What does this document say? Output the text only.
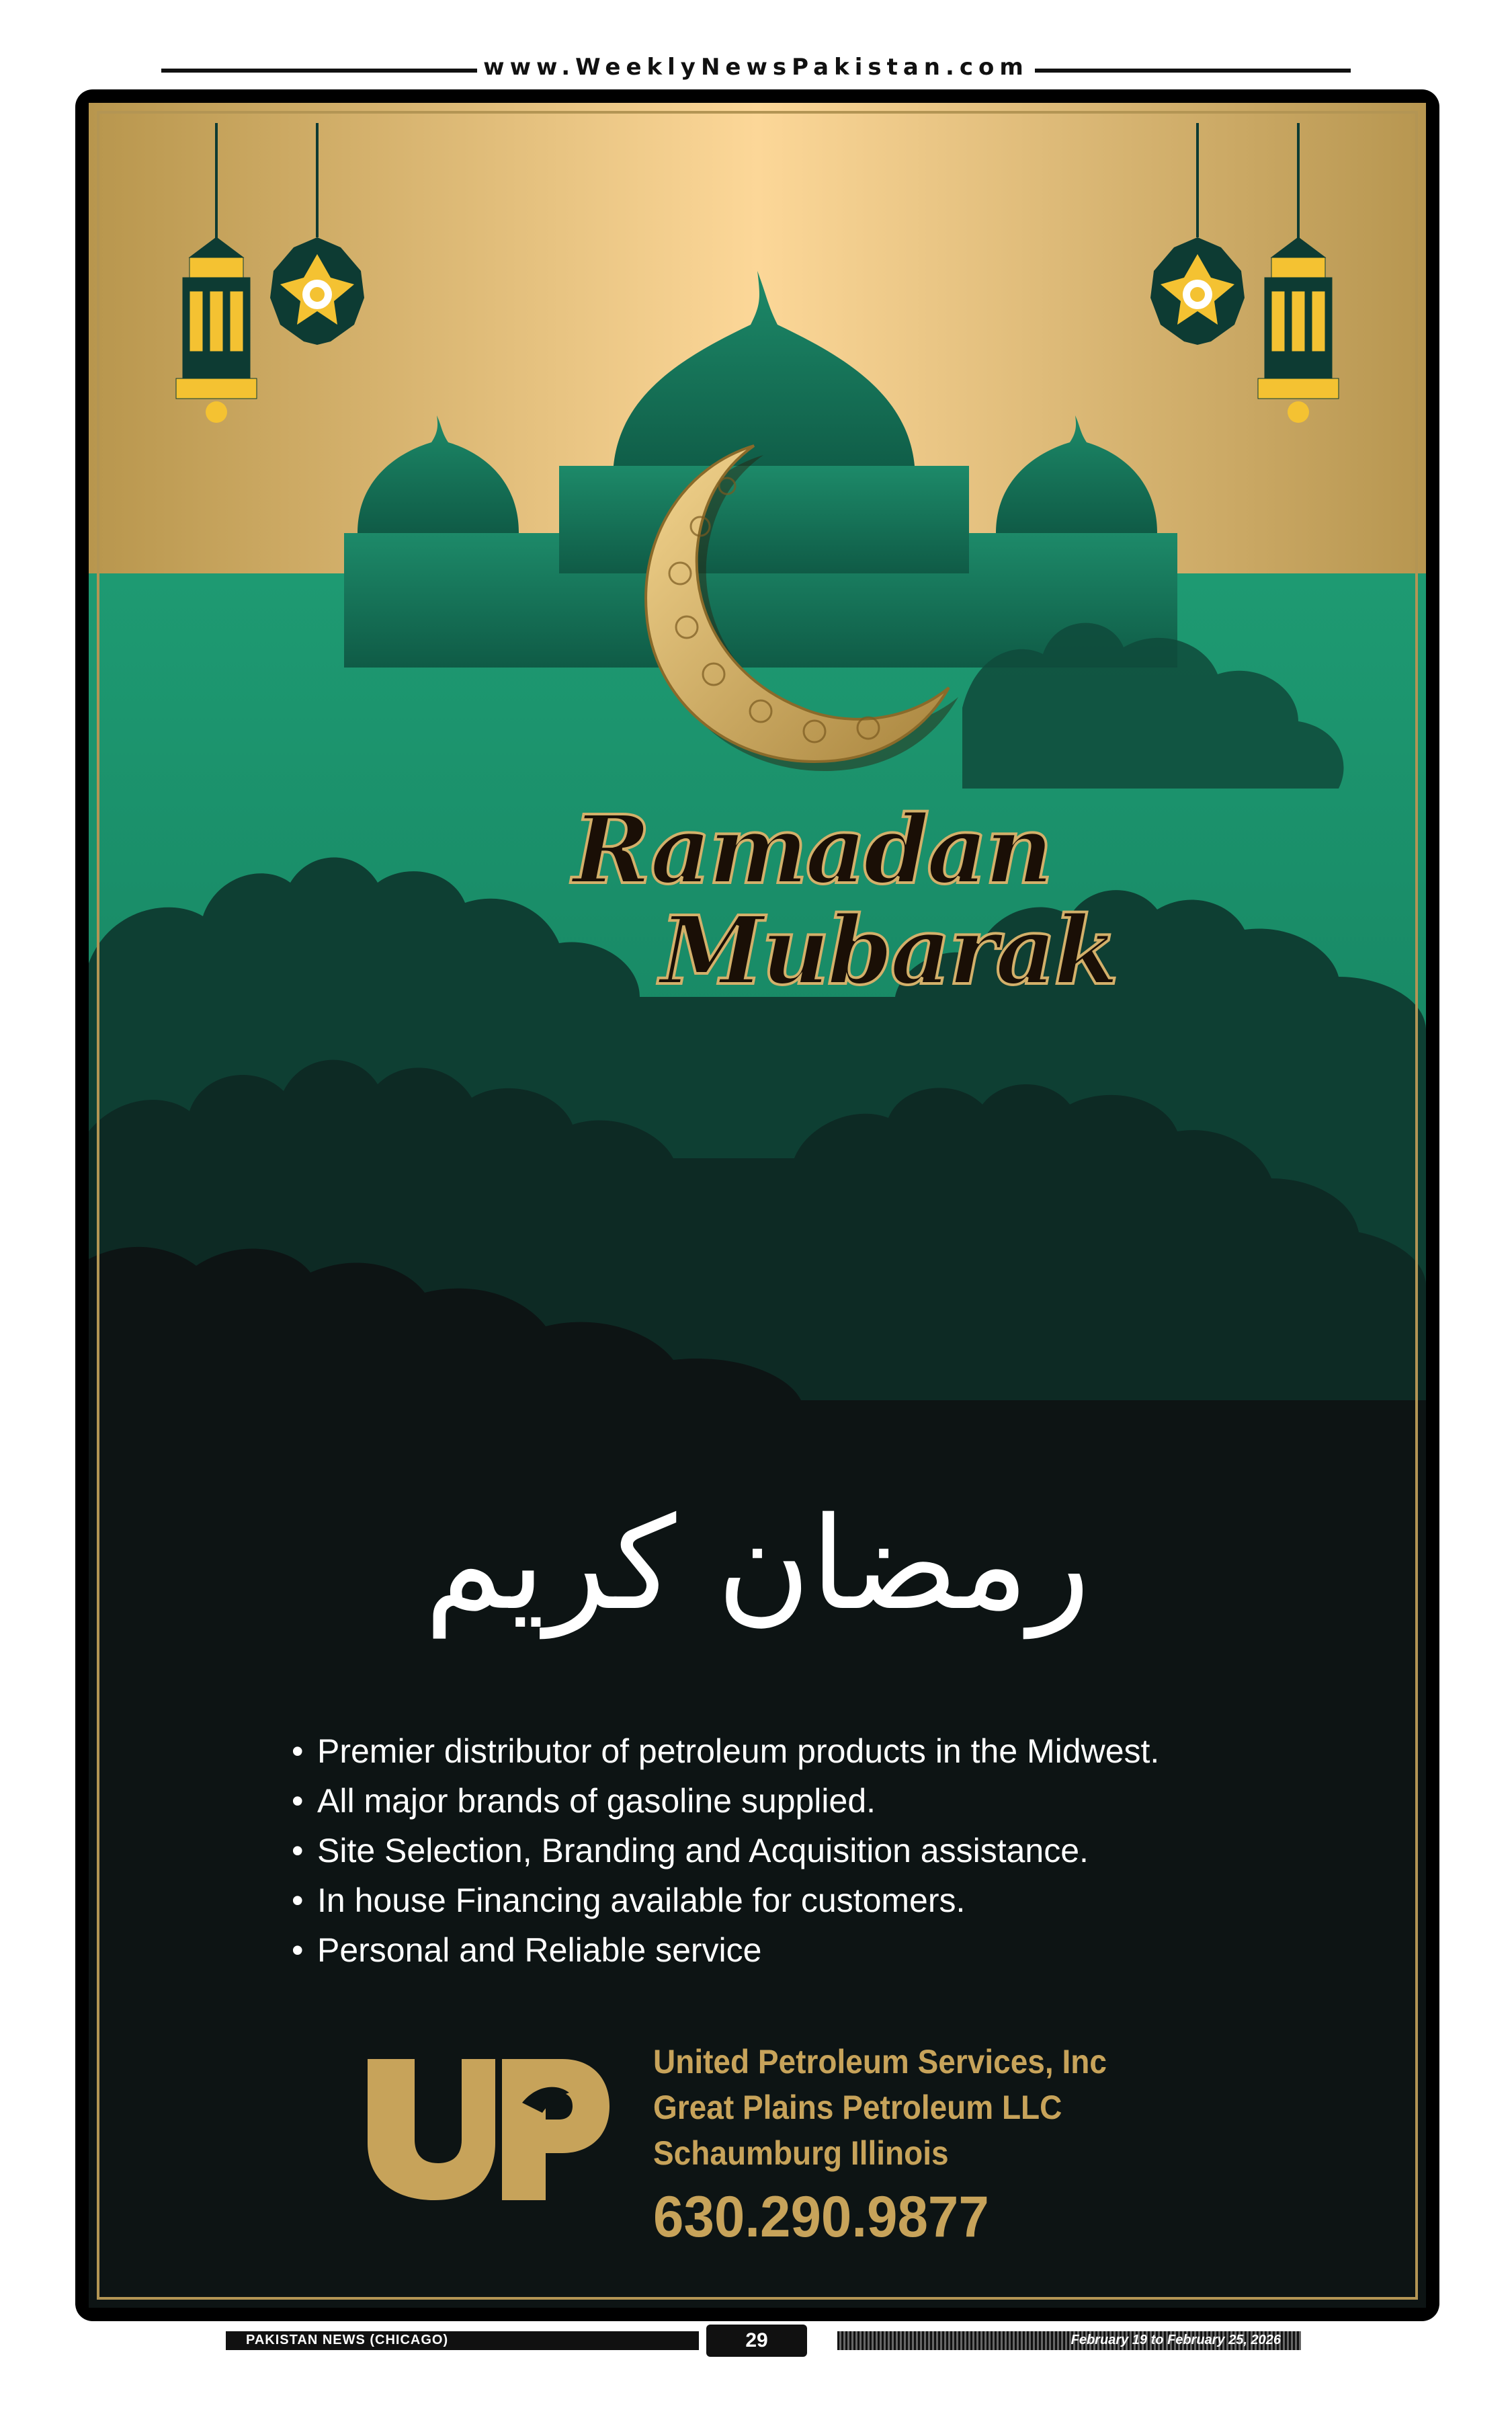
www.WeeklyNewsPakistan.com
Ramadan
Mubarak
رمضان كريم
• Premier distributor of petroleum products in the Midwest.
• All major brands of gasoline supplied.
• Site Selection, Branding and Acquisition assistance.
• In house Financing available for customers.
• Personal and Reliable service
United Petroleum Services, Inc
Great Plains Petroleum LLC
Schaumburg Illinois
630.290.9877
PAKISTAN NEWS (CHICAGO)	29	February 19 to February 25, 2026
